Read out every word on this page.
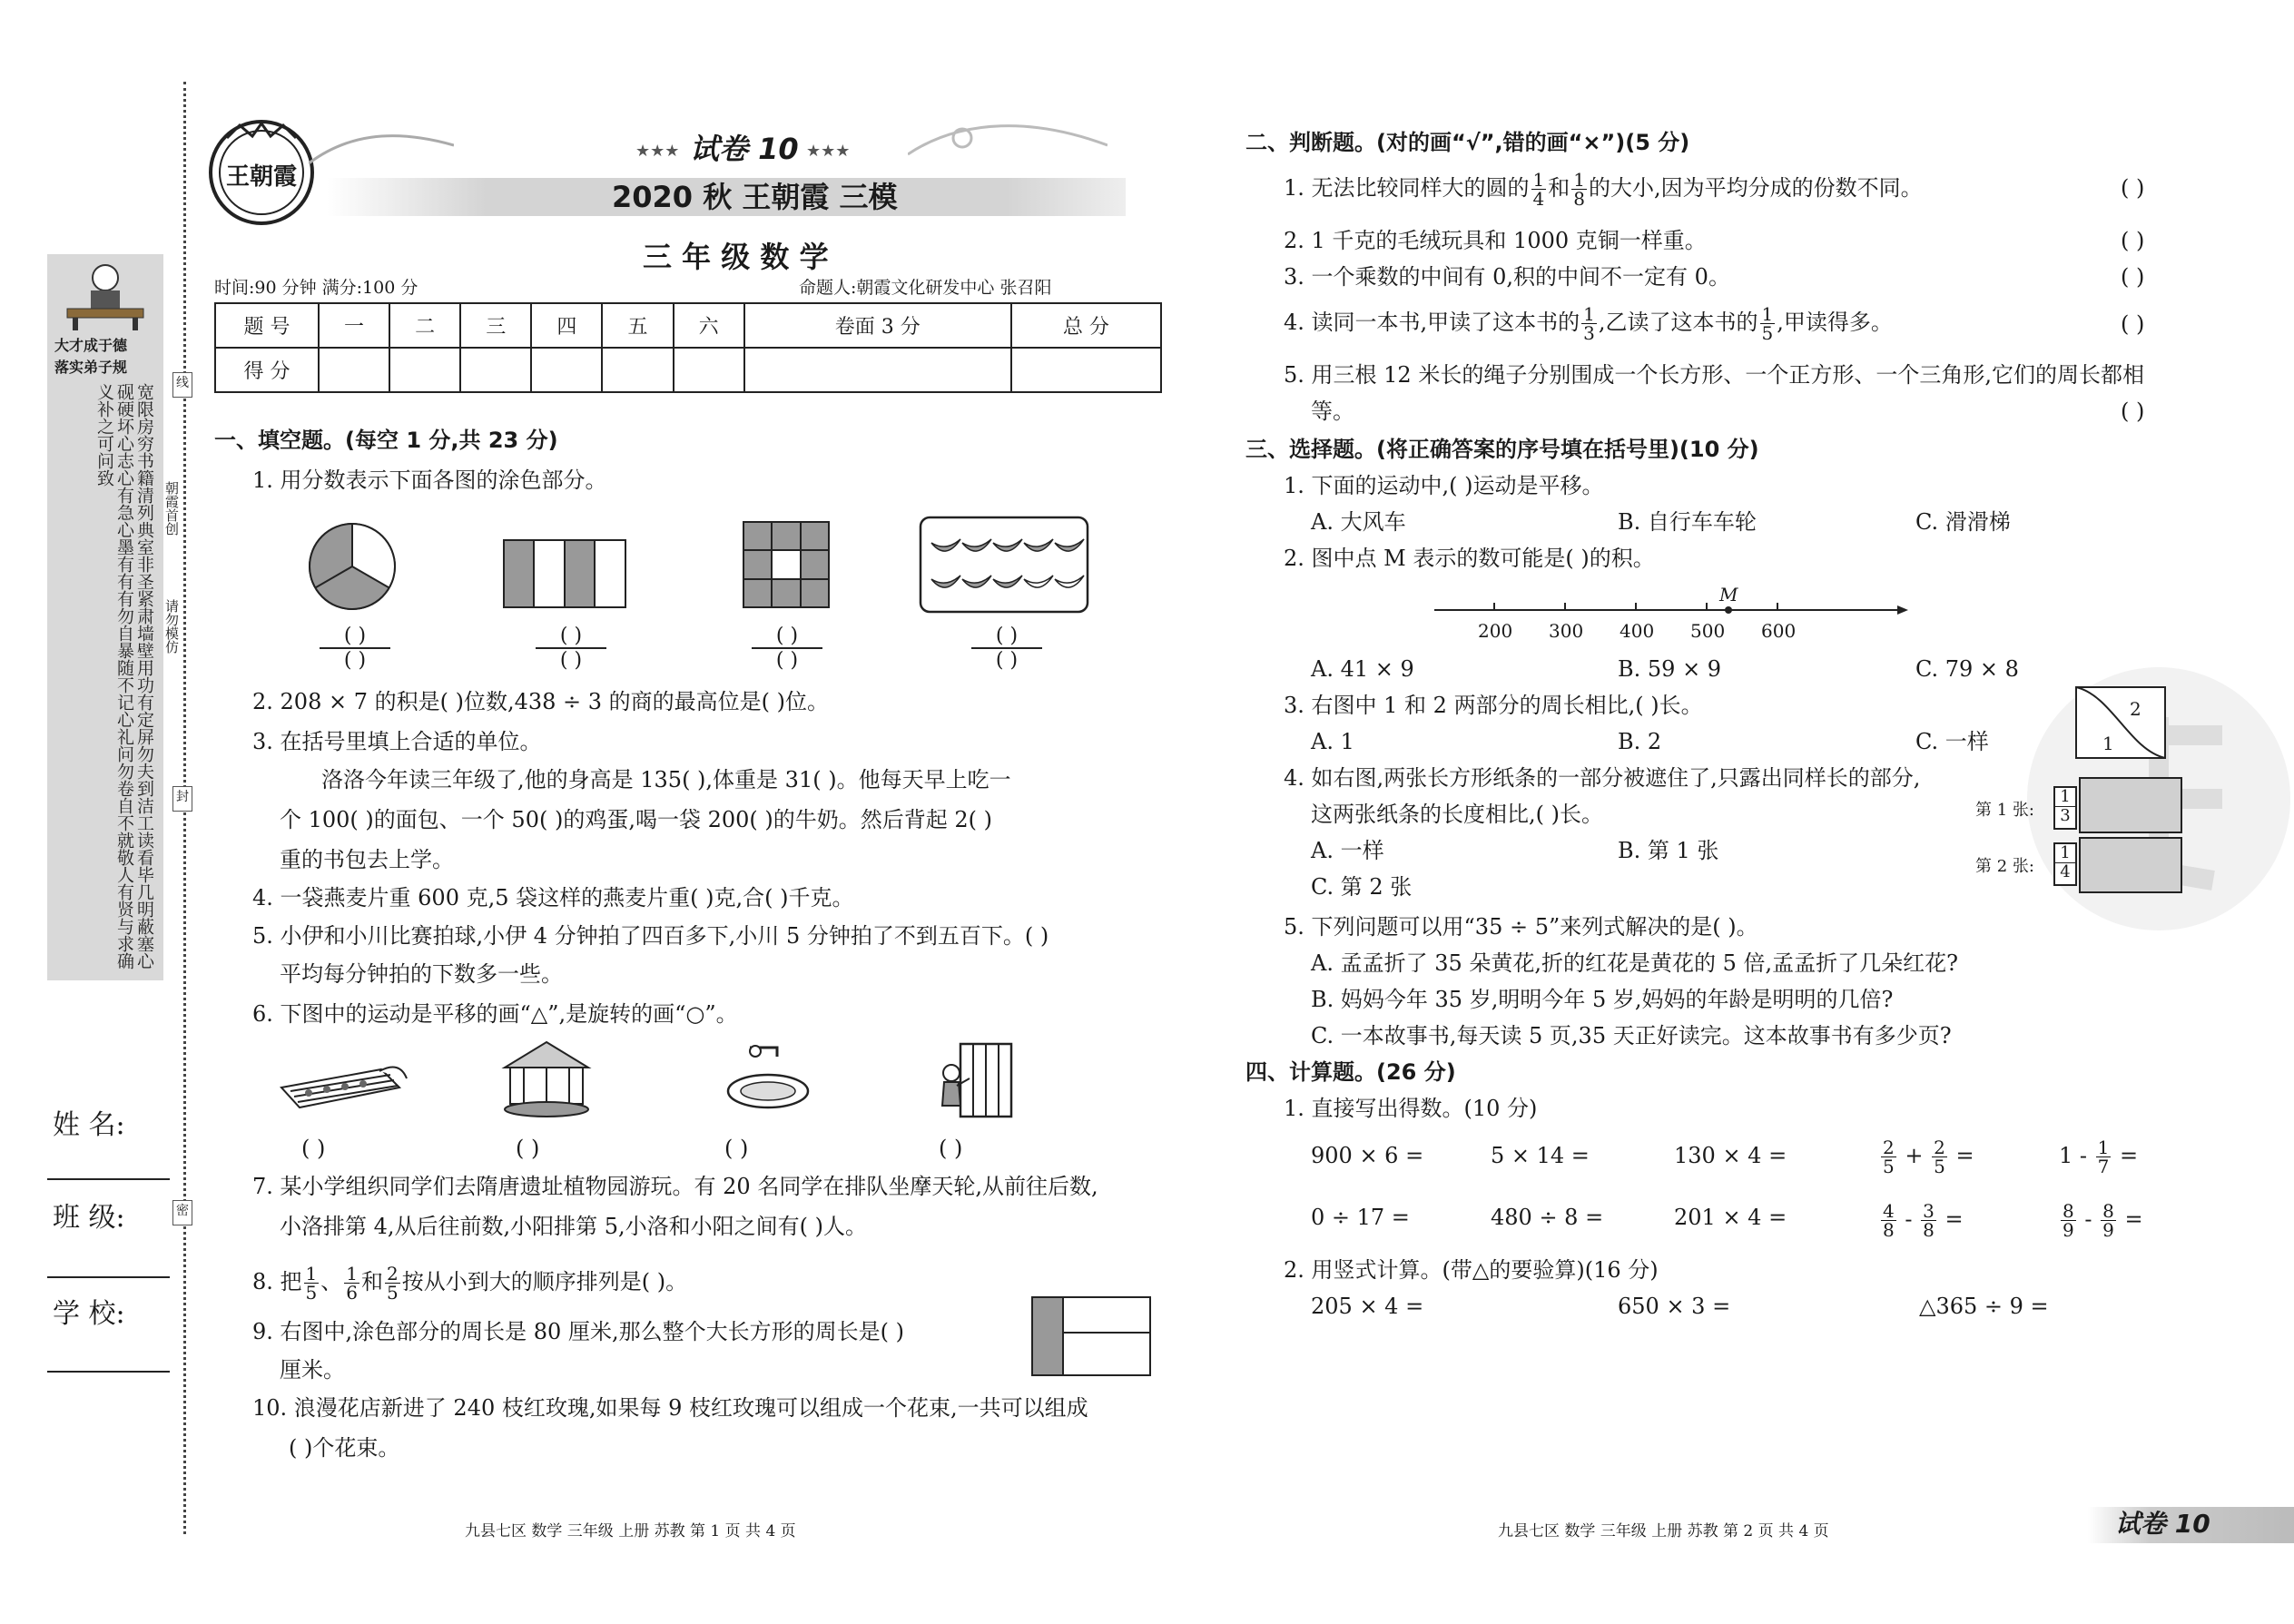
大才成于德
落实弟子规
宽限房穷书籍清列典室非圣紧肃墙壁用功有定屏勿夫到洁工读看毕几明蔽塞心砚硬坏心志心有急心墨有有有勿自暴随不记心礼问勿卷自不就敬人有贤与求确义补之可问致
朝霞首创
请勿模仿
线
封
密
姓 名:
班 级:
学 校:
王朝霞
★★★ 试卷 10 ★★★
2020 秋 王朝霞 三模
三 年 级 数 学
时间:90 分钟 满分:100 分	命题人:朝霞文化研发中心 张召阳
题 号	一	二	三	四	五	六	卷面 3 分	总 分
得 分								
一、填空题。(每空 1 分,共 23 分)
1. 用分数表示下面各图的涂色部分。
( )
( )
( )
( )
( )
( )
( )
( )
2. 208 × 7 的积是( )位数,438 ÷ 3 的商的最高位是( )位。
3. 在括号里填上合适的单位。
洛洛今年读三年级了,他的身高是 135( ),体重是 31( )。他每天早上吃一
个 100( )的面包、一个 50( )的鸡蛋,喝一袋 200( )的牛奶。然后背起 2( )
重的书包去上学。
4. 一袋燕麦片重 600 克,5 袋这样的燕麦片重( )克,合( )千克。
5. 小伊和小川比赛拍球,小伊 4 分钟拍了四百多下,小川 5 分钟拍了不到五百下。( )
平均每分钟拍的下数多一些。
6. 下图中的运动是平移的画“△”,是旋转的画“○”。
( )	( )	( )	( )
7. 某小学组织同学们去隋唐遗址植物园游玩。有 20 名同学在排队坐摩天轮,从前往后数,
小洛排第 4,从后往前数,小阳排第 5,小洛和小阳之间有( )人。
8. 把 $\frac{1}{5}$ 、 $\frac{1}{6}$ 和 $\frac{2}{5}$ 按从小到大的顺序排列是( )。
9. 右图中,涂色部分的周长是 80 厘米,那么整个大长方形的周长是( )
厘米。
10. 浪漫花店新进了 240 枝红玫瑰,如果每 9 枝红玫瑰可以组成一个花束,一共可以组成
( )个花束。
九县七区 数学 三年级 上册 苏教 第 1 页 共 4 页
二、判断题。(对的画“√”,错的画“×”)(5 分)
1. 无法比较同样大的圆的 $\frac{1}{4}$ 和 $\frac{1}{8}$ 的大小,因为平均分成的份数不同。	( )
2. 1 千克的毛绒玩具和 1000 克铜一样重。	( )
3. 一个乘数的中间有 0,积的中间不一定有 0。	( )
4. 读同一本书,甲读了这本书的 $\frac{1}{3}$ ,乙读了这本书的 $\frac{1}{5}$ ,甲读得多。	( )
5. 用三根 12 米长的绳子分别围成一个长方形、一个正方形、一个三角形,它们的周长都相
等。	( )
三、选择题。(将正确答案的序号填在括号里)(10 分)
1. 下面的运动中,( )运动是平移。
A. 大风车	B. 自行车车轮	C. 滑滑梯
2. 图中点 M 表示的数可能是( )的积。
200 300 400 500 600
M
A. 41 × 9	B. 59 × 9	C. 79 × 8
3. 右图中 1 和 2 两部分的周长相比,( )长。
A. 1	B. 2	C. 一样
2
1
4. 如右图,两张长方形纸条的一部分被遮住了,只露出同样长的部分,
这两张纸条的长度相比,( )长。
A. 一样	B. 第 1 张
C. 第 2 张
第 1 张: $\frac{1}{3}$
第 2 张: $\frac{1}{4}$
5. 下列问题可以用“35 ÷ 5”来列式解决的是( )。
A. 孟孟折了 35 朵黄花,折的红花是黄花的 5 倍,孟孟折了几朵红花?
B. 妈妈今年 35 岁,明明今年 5 岁,妈妈的年龄是明明的几倍?
C. 一本故事书,每天读 5 页,35 天正好读完。这本故事书有多少页?
四、计算题。(26 分)
1. 直接写出得数。(10 分)
900 × 6 =	5 × 14 =	130 × 4 =	$\frac{2}{5} + \frac{2}{5}$ =	$1 - \frac{1}{7}$ =
0 ÷ 17 =	480 ÷ 8 =	201 × 4 =	$\frac{4}{8} - \frac{3}{8}$ =	$\frac{8}{9} - \frac{8}{9}$ =
2. 用竖式计算。(带△的要验算)(16 分)
205 × 4 =	650 × 3 =	△365 ÷ 9 =
九县七区 数学 三年级 上册 苏教 第 2 页 共 4 页	试卷 10
